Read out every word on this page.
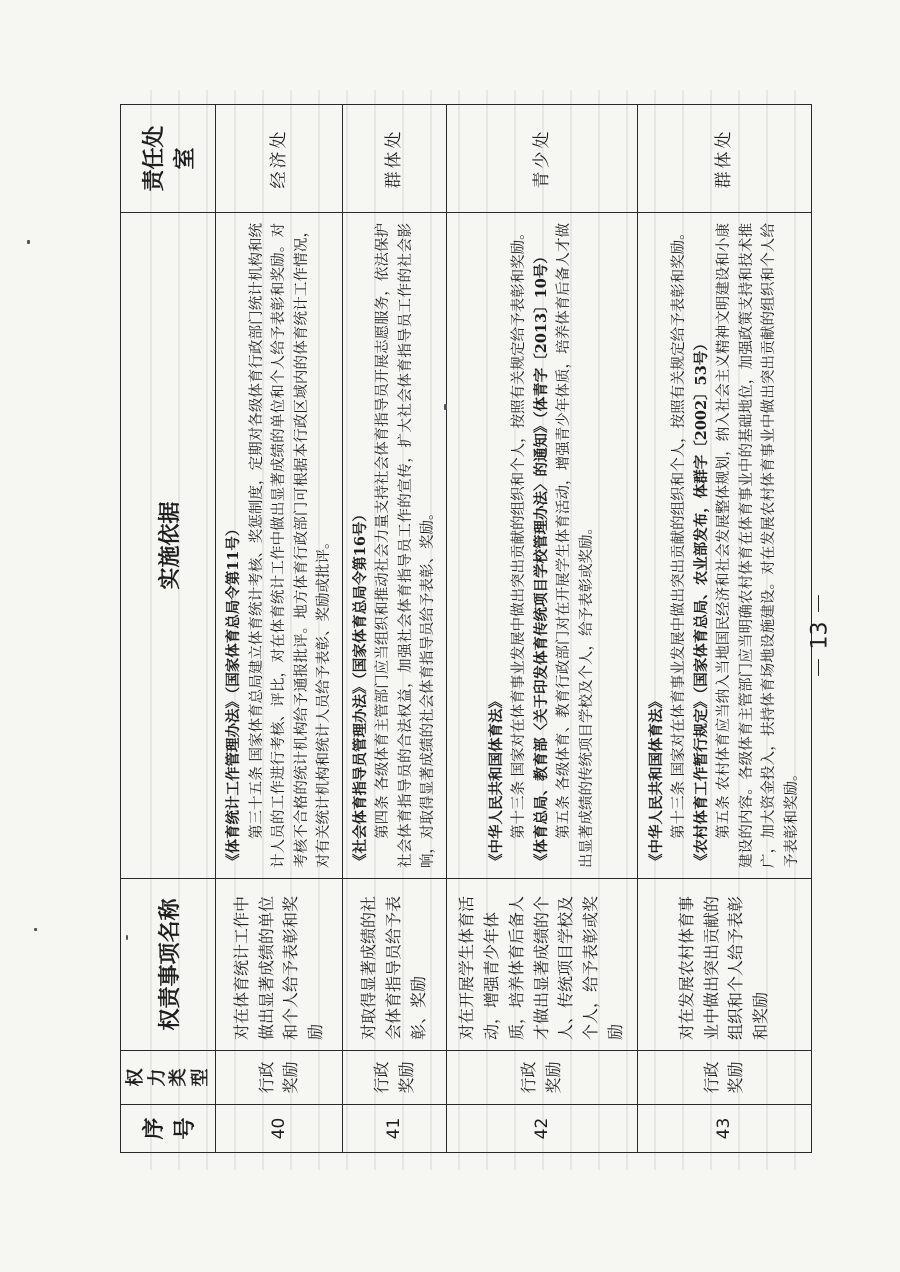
序号	权力类型	权责事项名称	实施依据	责任处室
40	行政奖励	对在体育统计工作中做出显著成绩的单位和个人给予表彰和奖励	《体育统计工作管理办法》（国家体育总局令第11号） 第三十五条 国家体育总局建立体育统计考核、奖惩制度，定期对各级体育行政部门统计机构和统计人员的工作进行考核、评比，对在体育统计工作中做出显著成绩的单位和个人给予表彰和奖励。对考核不合格的统计机构给予通报批评。地方体育行政部门可根据本行政区域内的体育统计工作情况，对有关统计机构和统计人员给予表彰、奖励或批评。	经济处
41	行政奖励	对取得显著成绩的社会体育指导员给予表彰、奖励	《社会体育指导员管理办法》（国家体育总局令第16号） 第四条 各级体育主管部门应当组织和推动社会力量支持社会体育指导员开展志愿服务，依法保护社会体育指导员的合法权益，加强社会体育指导员工作的宣传，扩大社会体育指导员工作的社会影响，对取得显著成绩的社会体育指导员给予表彰、奖励。	群体处
42	行政奖励	对在开展学生体育活动，增强青少年体质，培养体育后备人才做出显著成绩的个人、传统项目学校及个人，给予表彰或奖励	《中华人民共和国体育法》 第十三条 国家对在体育事业发展中做出突出贡献的组织和个人，按照有关规定给予表彰和奖励。 《体育总局、教育部〈关于印发体育传统项目学校管理办法〉的通知》（体青字〔2013〕10号） 第五条 各级体育、教育行政部门对在开展学生体育活动，增强青少年体质，培养体育后备人才做出显著成绩的传统项目学校及个人，给予表彰或奖励。	青少处
43	行政奖励	对在发展农村体育事业中做出突出贡献的组织和个人给予表彰和奖励	《中华人民共和国体育法》 第十三条 国家对在体育事业发展中做出突出贡献的组织和个人，按照有关规定给予表彰和奖励。 《农村体育工作暂行规定》（国家体育总局、农业部发布，体群字〔2002〕53号） 第五条 农村体育应当纳入当地国民经济和社会发展整体规划，纳入社会主义精神文明建设和小康建设的内容。各级体育主管部门应当明确农村体育在体育事业中的基础地位，加强政策支持和技术推广，加大资金投入，扶持体育场地设施建设。对在发展农村体育事业中做出突出贡献的组织和个人给予表彰和奖励。	群体处
－ 13 －
